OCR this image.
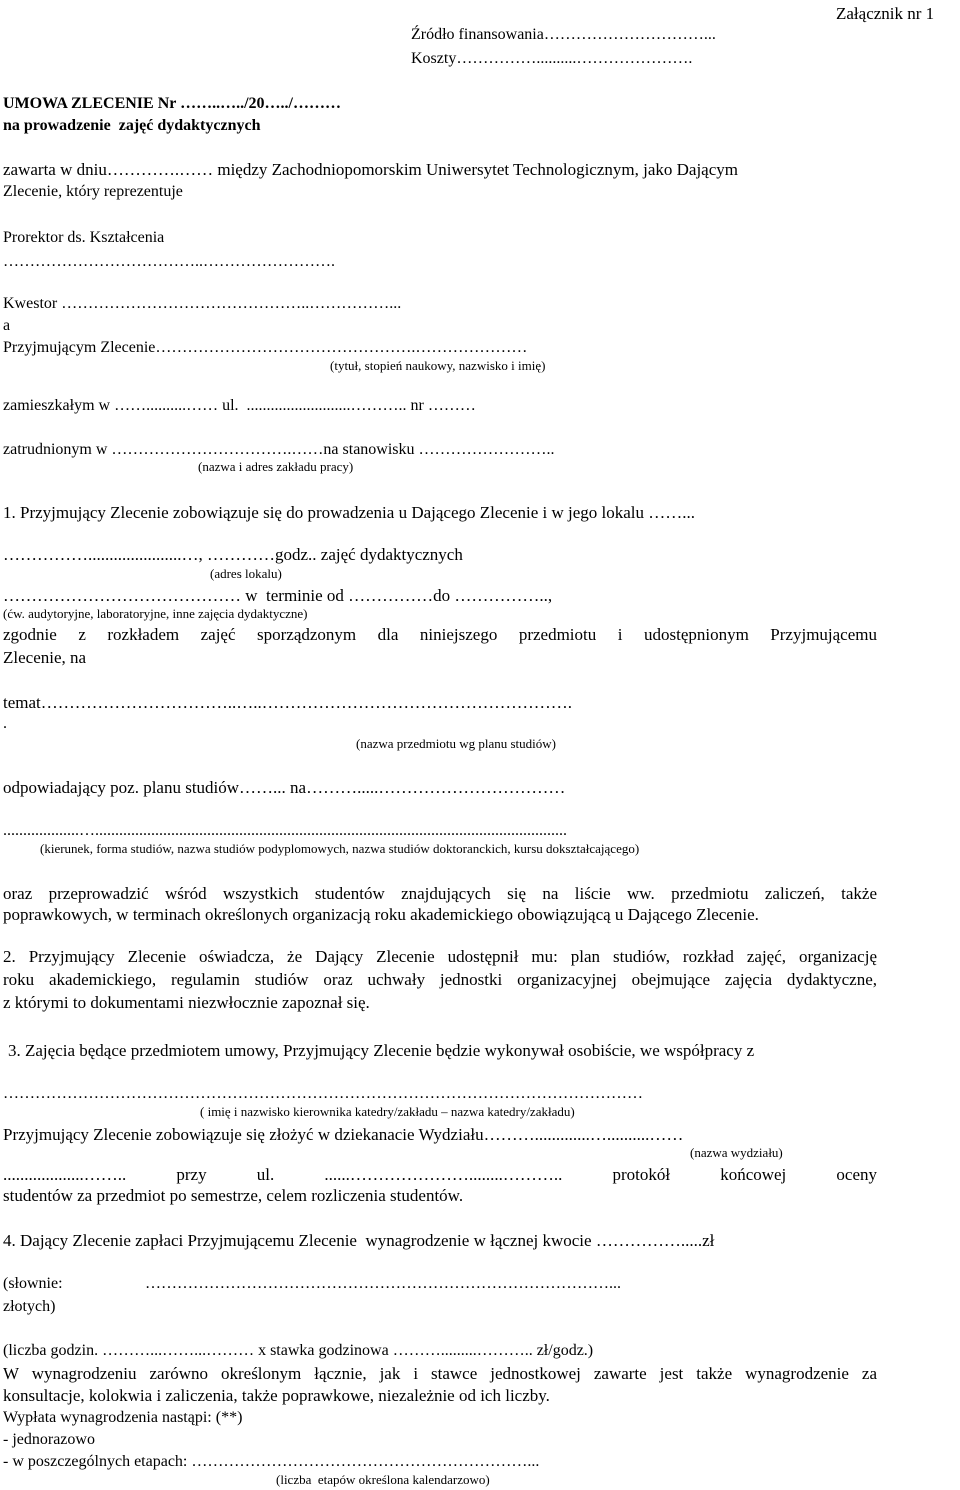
Załącznik nr 1
Źródło finansowania…………………………...
Koszty……………..........………………….
UMOWA ZLECENIE Nr ……..…../20…../………
na prowadzenie  zajęć dydaktycznych
zawarta w dniu………….…… między Zachodniopomorskim Uniwersytet Technologicznym, jako Dającym
Zlecenie, który reprezentuje
Prorektor ds. Kształcenia
………………………………..…………………….
Kwestor ………………………………………..……………...
a
Przyjmującym Zlecenie………………………………………….…………………
(tytuł, stopień naukowy, nazwisko i imię)
zamieszkałym w ……..........…… ul.  ..........................……….. nr ………
zatrudnionym w …………………………….……na stanowisku ……………………..
(nazwa i adres zakładu pracy)
1. Przyjmujący Zlecenie zobowiązuje się do prowadzenia u Dającego Zlecenie i w jego lokalu ……...
……………......................…, …………godz.. zajęć dydaktycznych
(adres lokalu)
…………………………………… w  terminie od ……………do ……………..,
(ćw. audytoryjne, laboratoryjne, inne zajęcia dydaktyczne)
zgodnie z rozkładem zajęć sporządzonym dla niniejszego przedmiotu i udostępnionym Przyjmującemu
Zlecenie, na
temat……………………………..…..……………………………………………….
.
(nazwa przedmiotu wg planu studiów)
odpowiadający poz. planu studiów……... na……….....……………………………
...................…......................................................................................................................
(kierunek, forma studiów, nazwa studiów podyplomowych, nazwa studiów doktoranckich, kursu dokształcającego)
oraz przeprowadzić wśród wszystkich studentów znajdujących się na liście ww. przedmiotu zaliczeń, także
poprawkowych, w terminach określonych organizacją roku akademickiego obowiązującą u Dającego Zlecenie.
2. Przyjmujący Zlecenie oświadcza, że Dający Zlecenie udostępnił mu: plan studiów, rozkład zajęć, organizację
roku akademickiego, regulamin studiów oraz uchwały jednostki organizacyjnej obejmujące zajęcia dydaktyczne,
z którymi to dokumentami niezwłocznie zapoznał się.
3. Zajęcia będące przedmiotem umowy, Przyjmujący Zlecenie będzie wykonywał osobiście, we współpracy z
…………………………………………………………………………………………………………
( imię i nazwisko kierownika katedry/zakładu – nazwa katedry/zakładu)
Przyjmujący Zlecenie zobowiązuje się złożyć w dziekanacie Wydziału……….............…..........……
(nazwa wydziału)
...................…….. przy ul. ......…………………........……….. protokół końcowej oceny
studentów za przedmiot po semestrze, celem rozliczenia studentów.
4. Dający Zlecenie zapłaci Przyjmującemu Zlecenie  wynagrodzenie w łącznej kwocie …………….....zł
(słownie:	……………………………………………………………………………...
złotych)
(liczba godzin. ………...……...……… x stawka godzinowa ……….........……….. zł/godz.)
W wynagrodzeniu zarówno określonym łącznie, jak i stawce jednostkowej zawarte jest także wynagrodzenie za
konsultacje, kolokwia i zaliczenia, także poprawkowe, niezależnie od ich liczby.
Wypłata wynagrodzenia nastąpi: (**)
- jednorazowo
- w poszczególnych etapach: ………………………………………………………...
(liczba  etapów określona kalendarzowo)
